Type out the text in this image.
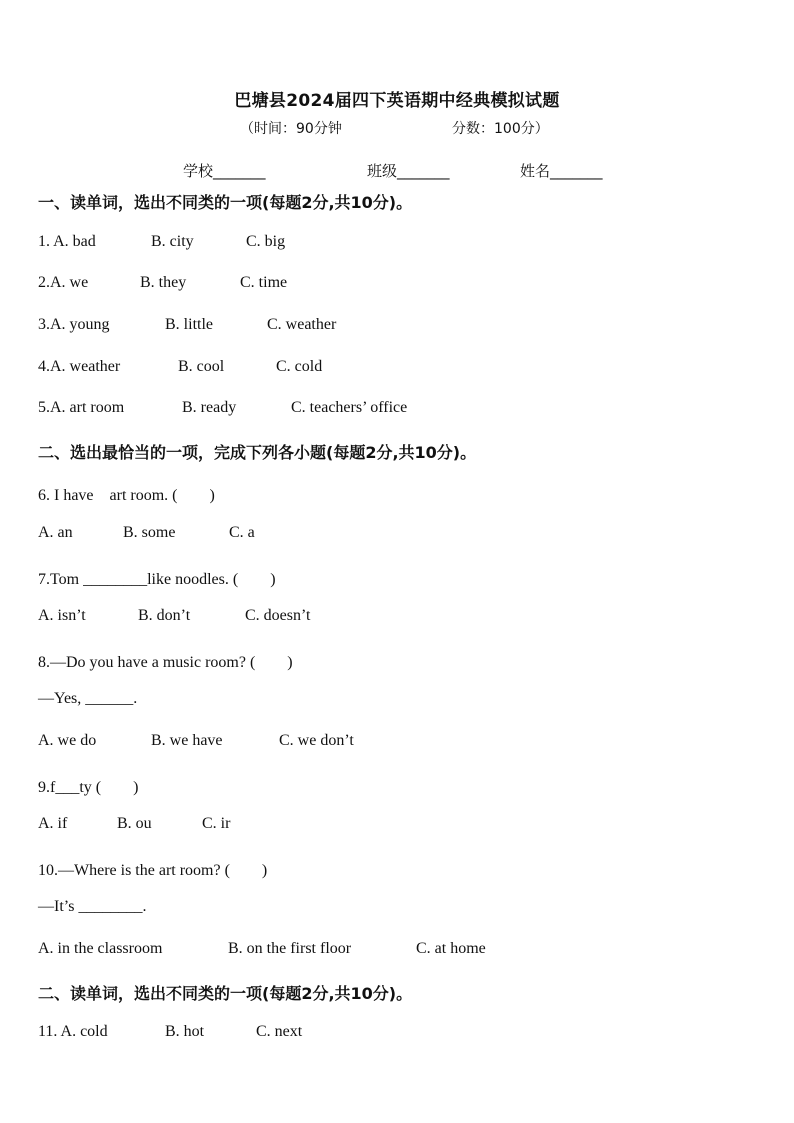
巴塘县2024届四下英语期中经典模拟试题
（时间：90分钟	分数：100分）
学校_______	班级_______	姓名_______
一、读单词，选出不同类的一项(每题2分,共10分)。
1. A. bad	B. city	C. big
2.A. we	B. they	C. time
3.A. young	B. little	C. weather
4.A. weather	B. cool	C. cold
5.A. art room	B. ready	C. teachers’ office
二、选出最恰当的一项，完成下列各小题(每题2分,共10分)。
6. I have　art room. (　　)
A. an	B. some	C. a
7.Tom ________like noodles. (　　)
A. isn’t	B. don’t	C. doesn’t
8.—Do you have a music room? (　　)
—Yes, ______.
A. we do	B. we have	C. we don’t
9.f___ty (　　)
A. if	B. ou	C. ir
10.—Where is the art room? (　　)
—It’s ________.
A. in the classroom	B. on the first floor	C. at home
二、读单词，选出不同类的一项(每题2分,共10分)。
11. A. cold	B. hot	C. next
